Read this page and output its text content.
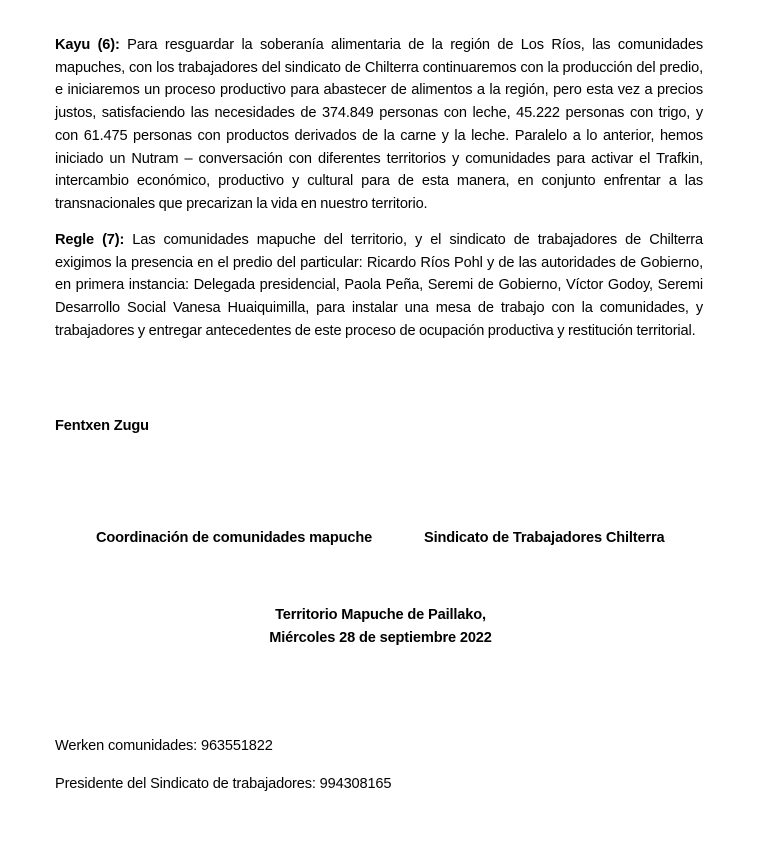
Kayu (6): Para resguardar la soberanía alimentaria de la región de Los Ríos, las comunidades mapuches, con los trabajadores del sindicato de Chilterra continuaremos con la producción del predio, e iniciaremos un proceso productivo para abastecer de alimentos a la región, pero esta vez a precios justos, satisfaciendo las necesidades de 374.849 personas con leche, 45.222 personas con trigo, y con 61.475 personas con productos derivados de la carne y la leche. Paralelo a lo anterior, hemos iniciado un Nutram – conversación con diferentes territorios y comunidades para activar el Trafkin, intercambio económico, productivo y cultural para de esta manera, en conjunto enfrentar a las transnacionales que precarizan la vida en nuestro territorio.

Regle (7): Las comunidades mapuche del territorio, y el sindicato de trabajadores de Chilterra exigimos la presencia en el predio del particular: Ricardo Ríos Pohl y de las autoridades de Gobierno, en primera instancia: Delegada presidencial, Paola Peña, Seremi de Gobierno, Víctor Godoy, Seremi Desarrollo Social Vanesa Huaiquimilla, para instalar una mesa de trabajo con la comunidades, y trabajadores y entregar antecedentes de este proceso de ocupación productiva y restitución territorial.

Fentxen Zugu

Coordinación de comunidades mapuche	Sindicato de Trabajadores Chilterra

Territorio Mapuche de Paillako,
Miércoles 28 de septiembre 2022

Werken comunidades: 963551822

Presidente del Sindicato de trabajadores: 994308165
